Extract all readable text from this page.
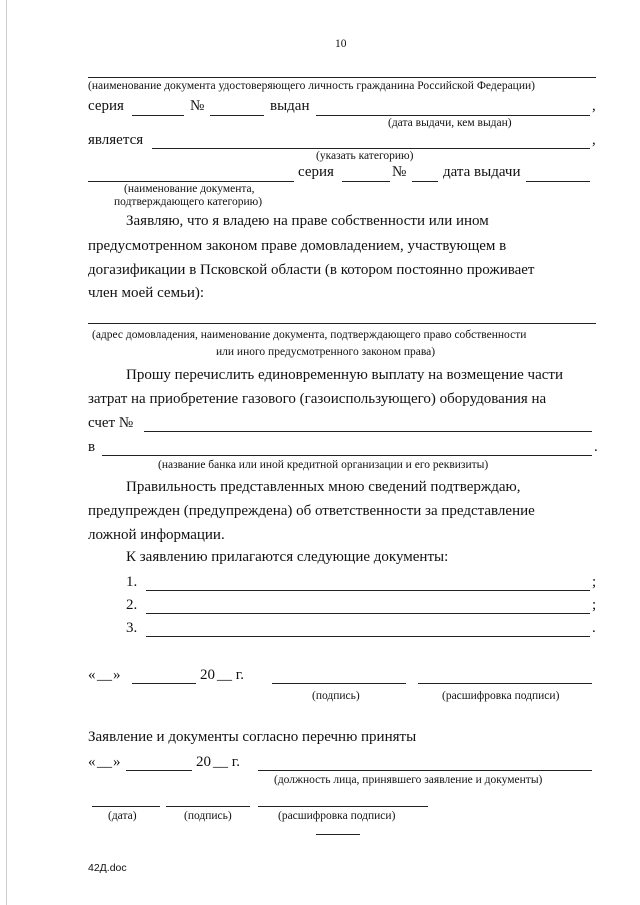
10
(наименование документа удостоверяющего личность гражданина Российской Федерации)
серия	№	выдан	,
(дата выдачи, кем выдан)
является	,
(указать категорию)
серия	№ дата выдачи
(наименование документа,
подтверждающего категорию)
Заявляю, что я владею на праве собственности или ином
предусмотренном законом праве домовладением, участвующем в
догазификации в Псковской области (в котором постоянно проживает
член моей семьи):
(адрес домовладения, наименование документа, подтверждающего право собственности
или иного предусмотренного законом права)
Прошу перечислить единовременную выплату на возмещение части
затрат на приобретение газового (газоиспользующего) оборудования на
счет №
в	.
(название банка или иной кредитной организации и его реквизиты)
Правильность представленных мною сведений подтверждаю,
предупрежден (предупреждена) об ответственности за представление
ложной информации.
К заявлению прилагаются следующие документы:
1.	;
2.	;
3.	.
« __ »	20 __ г.
(подпись)	(расшифровка подписи)
Заявление и документы согласно перечню приняты
« __ »	20 __ г.
(должность лица, принявшего заявление и документы)
(дата)	(подпись)	(расшифровка подписи)
42Д.doc
